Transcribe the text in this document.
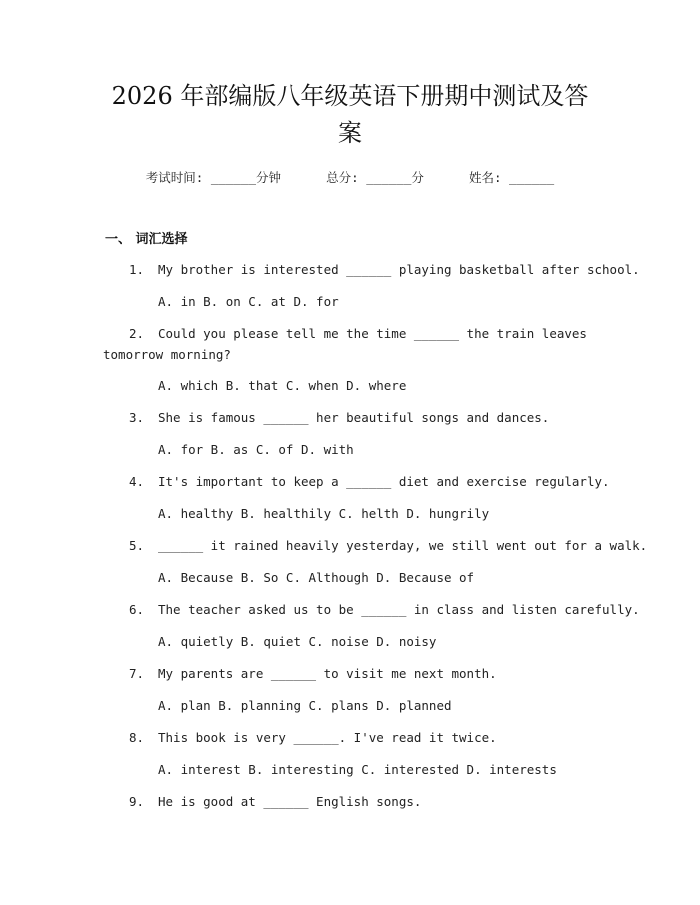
2026 年部编版八年级英语下册期中测试及答
案
考试时间: ______分钟      总分: ______分      姓名: ______
一、 词汇选择
1. My brother is interested ______ playing basketball after school.
A. in B. on C. at D. for
2. Could you please tell me the time ______ the train leaves
tomorrow morning?
A. which B. that C. when D. where
3. She is famous ______ her beautiful songs and dances.
A. for B. as C. of D. with
4. It's important to keep a ______ diet and exercise regularly.
A. healthy B. healthily C. helth D. hungrily
5. ______ it rained heavily yesterday, we still went out for a walk.
A. Because B. So C. Although D. Because of
6. The teacher asked us to be ______ in class and listen carefully.
A. quietly B. quiet C. noise D. noisy
7. My parents are ______ to visit me next month.
A. plan B. planning C. plans D. planned
8. This book is very ______. I've read it twice.
A. interest B. interesting C. interested D. interests
9. He is good at ______ English songs.
